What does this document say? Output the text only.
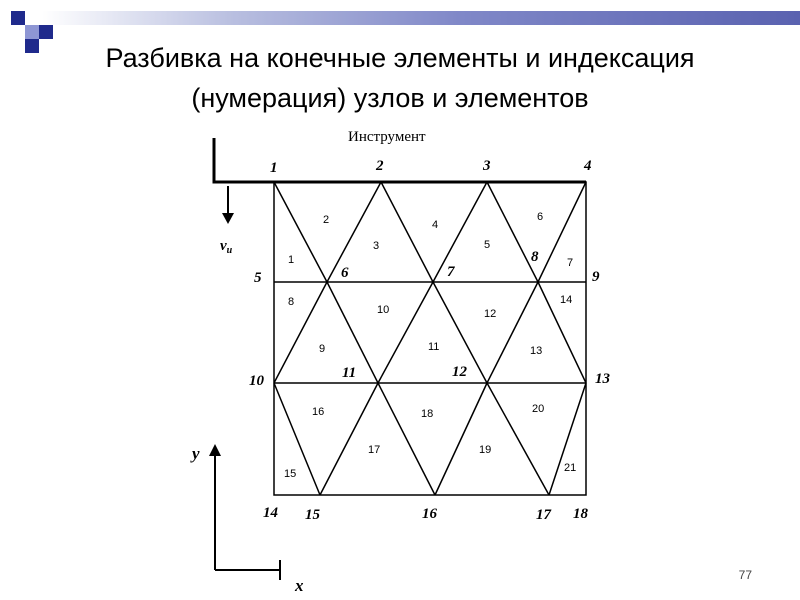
Разбивка на конечные элементы и индексация
(нумерация) узлов и элементов
Инструмент
$v_u$
1	2	3	4
5	6	7
8
9
10	11	12	13
14 15	16	17 18
1
2
3
4
5
6
7
8
9
10
11
12
13
14
15
16
17
18
19
20
21
y
x
77
